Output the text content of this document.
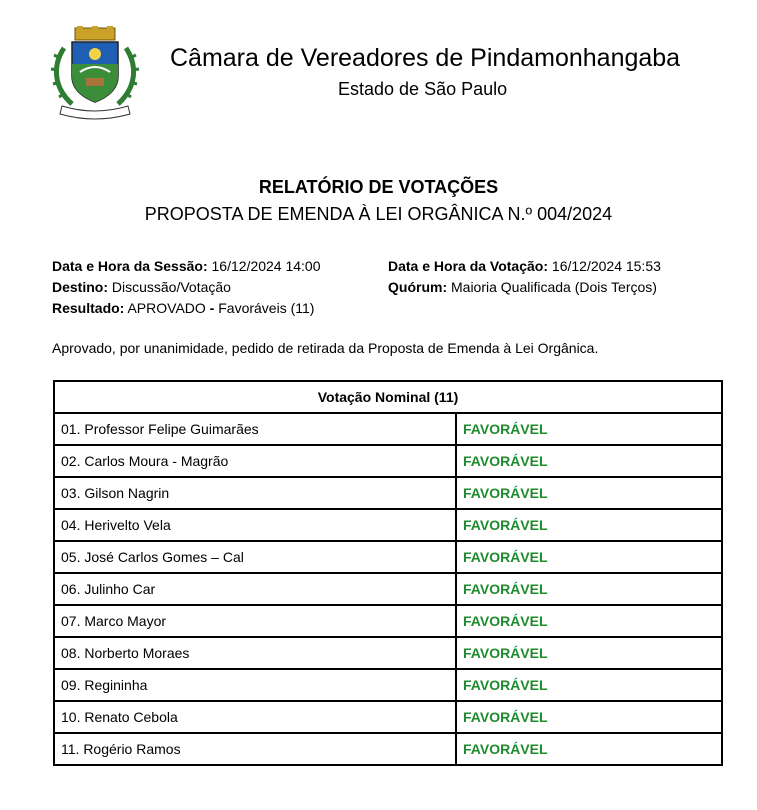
Câmara de Vereadores de Pindamonhangaba
Estado de São Paulo
RELATÓRIO DE VOTAÇÕES
PROPOSTA DE EMENDA À LEI ORGÂNICA N.º 004/2024
Data e Hora da Sessão: 16/12/2024 14:00
Destino: Discussão/Votação
Resultado: APROVADO - Favoráveis (11)
Data e Hora da Votação: 16/12/2024 15:53
Quórum: Maioria Qualificada (Dois Terços)
Aprovado, por unanimidade, pedido de retirada da Proposta de Emenda à Lei Orgânica.
Votação Nominal (11)	
01. Professor Felipe Guimarães	FAVORÁVEL
02. Carlos Moura - Magrão	FAVORÁVEL
03. Gilson Nagrin	FAVORÁVEL
04. Herivelto Vela	FAVORÁVEL
05. José Carlos Gomes – Cal	FAVORÁVEL
06. Julinho Car	FAVORÁVEL
07. Marco Mayor	FAVORÁVEL
08. Norberto Moraes	FAVORÁVEL
09. Regininha	FAVORÁVEL
10. Renato Cebola	FAVORÁVEL
11. Rogério Ramos	FAVORÁVEL
